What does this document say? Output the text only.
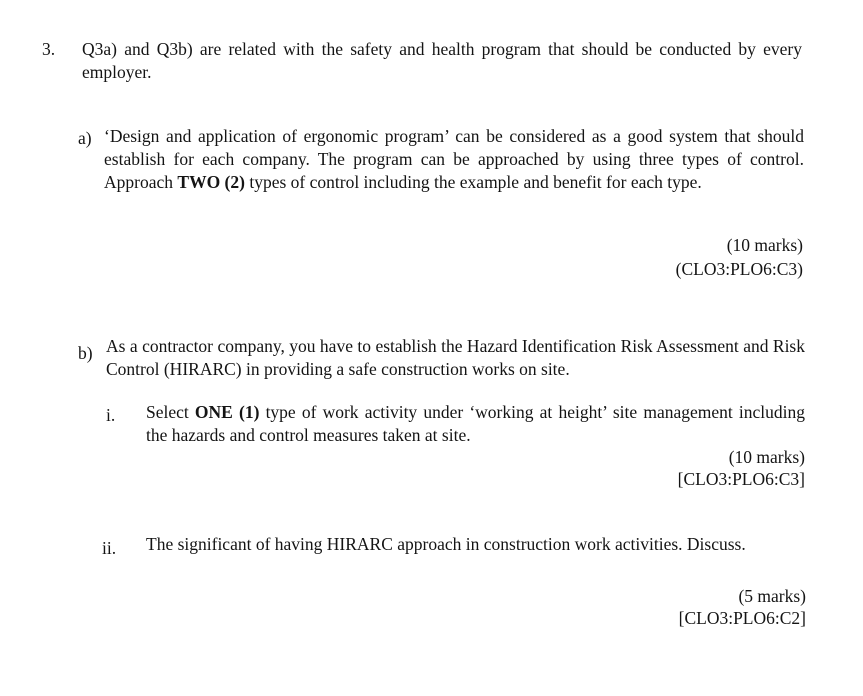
3. Q3a) and Q3b) are related with the safety and health program that should be conducted by every employer.
a) ‘Design and application of ergonomic program’ can be considered as a good system that should establish for each company. The program can be approached by using three types of control. Approach TWO (2) types of control including the example and benefit for each type.
(10 marks)
(CLO3:PLO6:C3)
b) As a contractor company, you have to establish the Hazard Identification Risk Assessment and Risk Control (HIRARC) in providing a safe construction works on site.
i. Select ONE (1) type of work activity under ‘working at height’ site management including the hazards and control measures taken at site.
(10 marks)
[CLO3:PLO6:C3]
ii. The significant of having HIRARC approach in construction work activities. Discuss.
(5 marks)
[CLO3:PLO6:C2]
